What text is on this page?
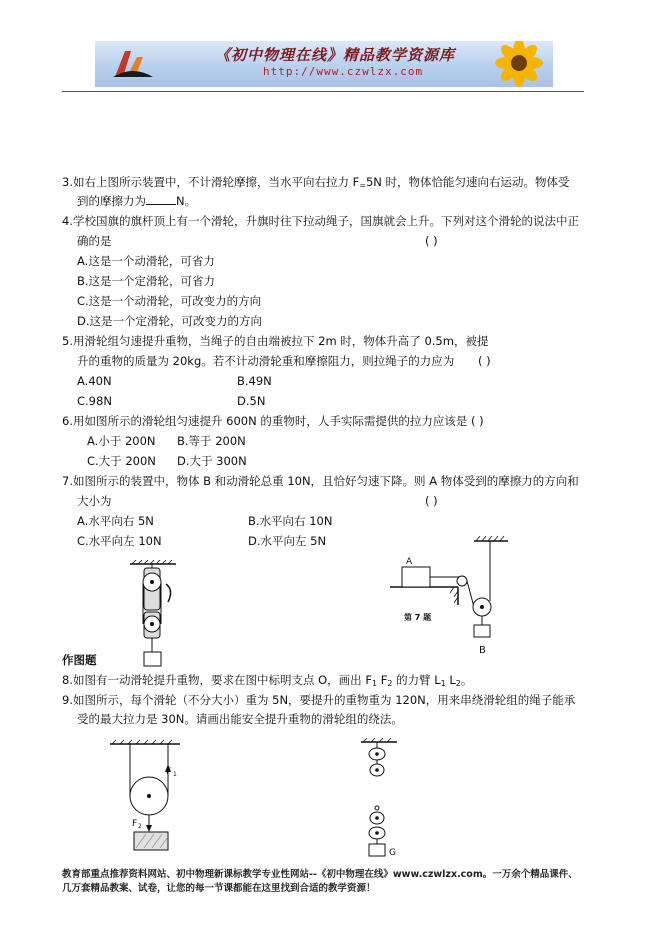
《初中物理在线》精品教学资源库
http://www.czwlzx.com
3.如右上图所示装置中，不计滑轮摩擦，当水平向右拉力 $F_=5N$ 时，物体恰能匀速向右运动。物体受
到的摩擦力为	N。
4.学校国旗的旗杆顶上有一个滑轮，升旗时往下拉动绳子，国旗就会上升。下列对这个滑轮的说法中正
确的是	( )
A.这是一个动滑轮，可省力
B.这是一个定滑轮，可省力
C.这是一个动滑轮，可改变力的方向
D.这是一个定滑轮，可改变力的方向
5.用滑轮组匀速提升重物，当绳子的自由端被拉下 2m 时，物体升高了 0.5m，被提
升的重物的质量为 20kg。若不计动滑轮重和摩擦阻力，则拉绳子的力应为 ( )
A.40N	B.49N
C.98N	D.5N
6.用如图所示的滑轮组匀速提升 600N 的重物时，人手实际需提供的拉力应该是 ( )
A.小于 200N B.等于 200N
C.大于 200N D.大于 300N
7.如图所示的装置中，物体 B 和动滑轮总重 10N，且恰好匀速下降。则 A 物体受到的摩擦力的方向和
大小为	( )
A.水平向右 5N	B.水平向右 10N
C.水平向左 10N	D.水平向左 5N
A
B
第 7 题
作图题
8.如图有一动滑轮提升重物，要求在图中标明支点 O，画出 $F_1$ $F_2$ 的力臂 $L_1$ $L_2$。
9.如图所示，每个滑轮（不分大小）重为 5N，要提升的重物重为 120N，用来串绕滑轮组的绳子能承
受的最大拉力是 30N。请画出能安全提升重物的滑轮组的绕法。
F 1
F 2
G
教育部重点推荐资料网站、初中物理新课标教学专业性网站--《初中物理在线》www.czwlzx.com。一万余个精品课件、
几万套精品教案、试卷，让您的每一节课都能在这里找到合适的教学资源！
